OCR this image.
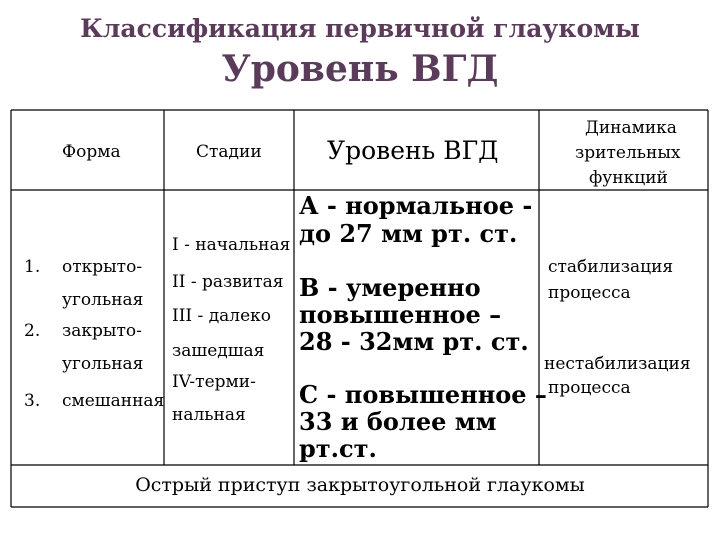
Классификация первичной глаукомы
Уровень ВГД
Форма	Стадии	Уровень ВГД
Динамика
зрительных
функций
1. открыто-
угольная
2. закрыто-
угольная
3. смешанная
I - начальная
II - развитая
III - далеко
зашедшая
IV-терми-
нальная
А - нормальное -
до 27 мм рт. ст.
В - умеренно
повышенное –
28 - 32мм рт. ст.
С - повышенное –
33 и более мм
рт.ст.
стабилизация
процесса
нестабилизация
процесса
Острый приступ закрытоугольной глаукомы
